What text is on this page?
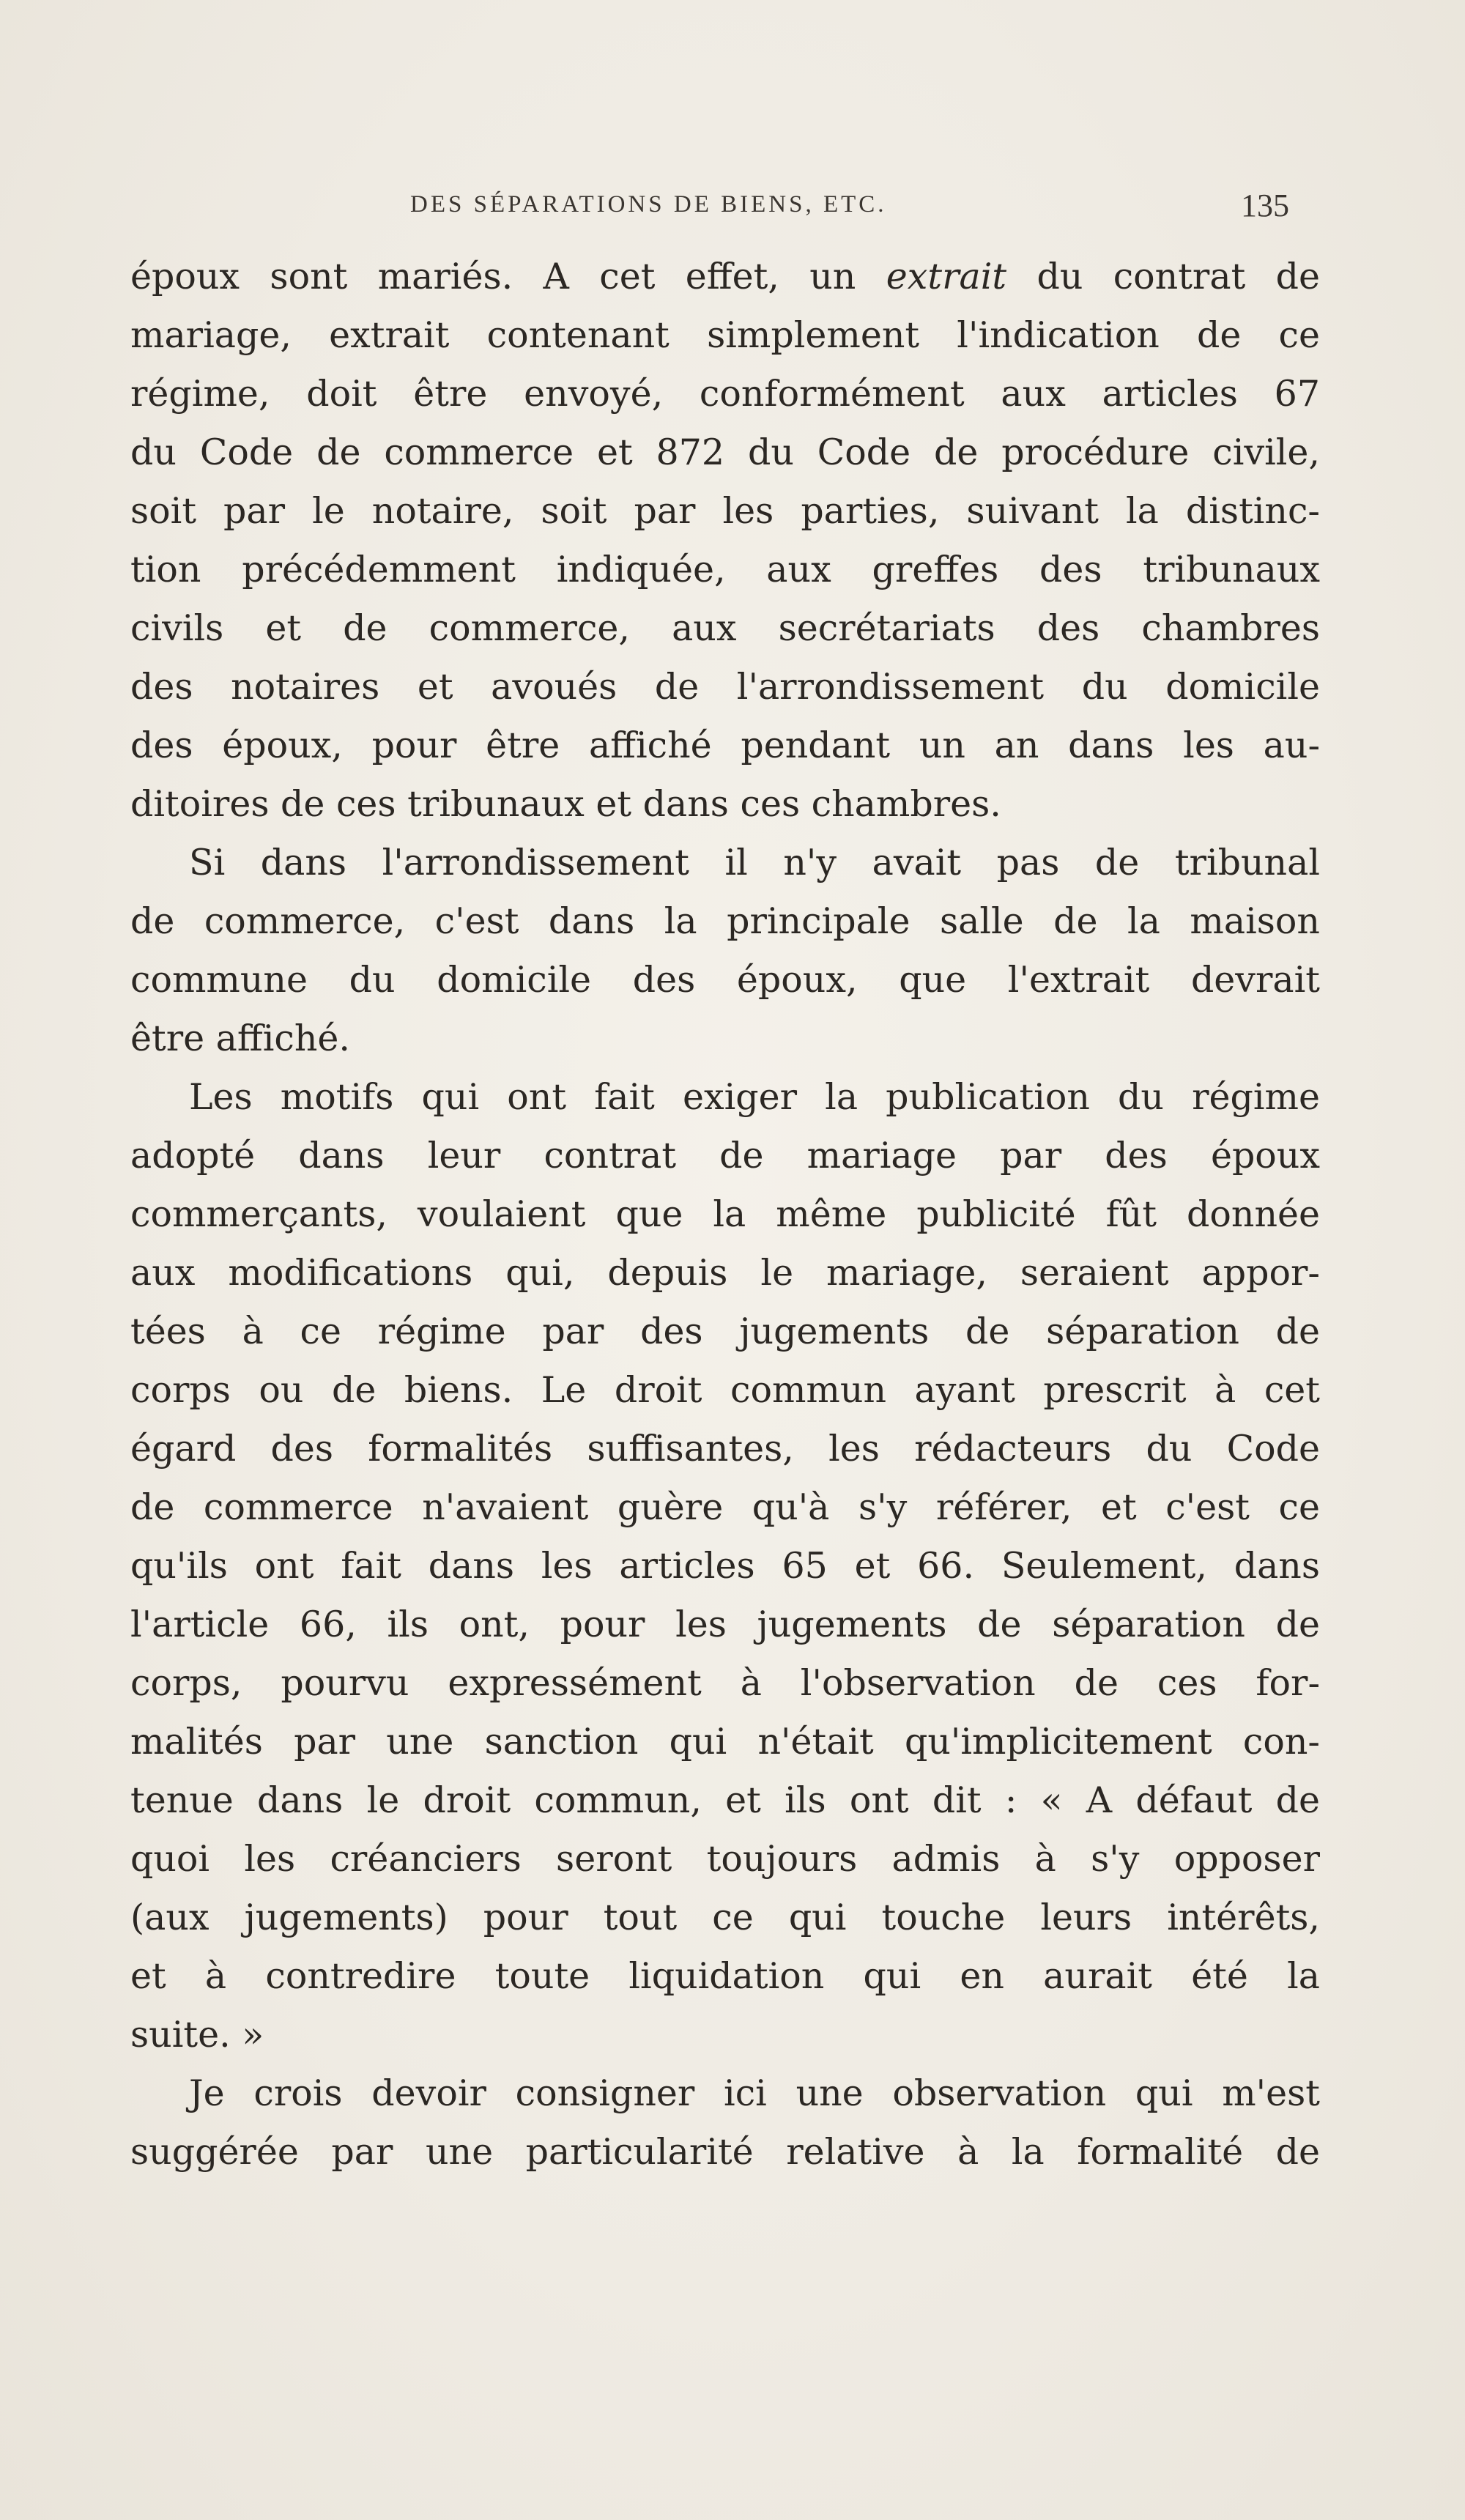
DES SÉPARATIONS DE BIENS, ETC.	135
époux sont mariés. A cet effet, un extrait du contrat de
mariage, extrait contenant simplement l'indication de ce
régime, doit être envoyé, conformément aux articles 67
du Code de commerce et 872 du Code de procédure civile,
soit par le notaire, soit par les parties, suivant la distinc-
tion précédemment indiquée, aux greffes des tribunaux
civils et de commerce, aux secrétariats des chambres
des notaires et avoués de l'arrondissement du domicile
des époux, pour être affiché pendant un an dans les au-
ditoires de ces tribunaux et dans ces chambres.
Si dans l'arrondissement il n'y avait pas de tribunal
de commerce, c'est dans la principale salle de la maison
commune du domicile des époux, que l'extrait devrait
être affiché.
Les motifs qui ont fait exiger la publication du régime
adopté dans leur contrat de mariage par des époux
commerçants, voulaient que la même publicité fût donnée
aux modifications qui, depuis le mariage, seraient appor-
tées à ce régime par des jugements de séparation de
corps ou de biens. Le droit commun ayant prescrit à cet
égard des formalités suffisantes, les rédacteurs du Code
de commerce n'avaient guère qu'à s'y référer, et c'est ce
qu'ils ont fait dans les articles 65 et 66. Seulement, dans
l'article 66, ils ont, pour les jugements de séparation de
corps, pourvu expressément à l'observation de ces for-
malités par une sanction qui n'était qu'implicitement con-
tenue dans le droit commun, et ils ont dit : « A défaut de
quoi les créanciers seront toujours admis à s'y opposer
(aux jugements) pour tout ce qui touche leurs intérêts,
et à contredire toute liquidation qui en aurait été la
suite. »
Je crois devoir consigner ici une observation qui m'est
suggérée par une particularité relative à la formalité de
